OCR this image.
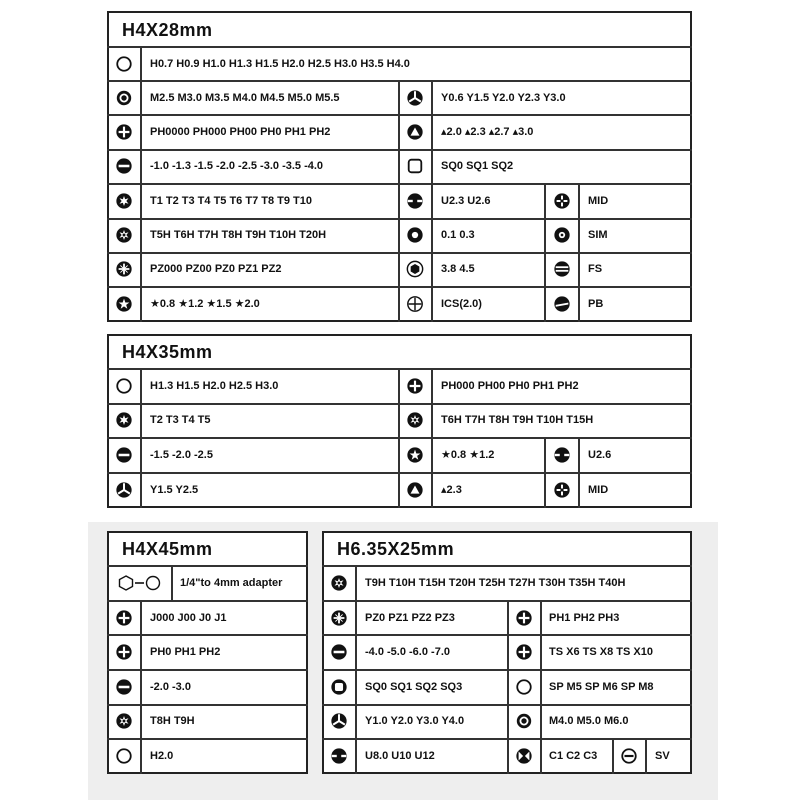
H4X28mm
H0.7 H0.9 H1.0 H1.3 H1.5 H2.0 H2.5 H3.0 H3.5 H4.0
M2.5 M3.0 M3.5 M4.0 M4.5 M5.0 M5.5	Y0.6 Y1.5 Y2.0 Y2.3 Y3.0
PH0000 PH000 PH00 PH0 PH1 PH2	▴2.0 ▴2.3 ▴2.7 ▴3.0
-1.0 -1.3 -1.5 -2.0 -2.5 -3.0 -3.5 -4.0	SQ0 SQ1 SQ2
T1 T2 T3 T4 T5 T6 T7 T8 T9 T10	U2.3 U2.6	MID
T5H T6H T7H T8H T9H T10H T20H	0.1 0.3	SIM
PZ000 PZ00 PZ0 PZ1 PZ2	3.8 4.5	FS
★0.8 ★1.2 ★1.5 ★2.0	ICS(2.0)	PB
H4X35mm
H1.3 H1.5 H2.0 H2.5 H3.0	PH000 PH00 PH0 PH1 PH2
T2 T3 T4 T5	T6H T7H T8H T9H T10H T15H
-1.5 -2.0 -2.5	★0.8 ★1.2	U2.6
Y1.5 Y2.5	▴2.3	MID
H4X45mm
1/4"to 4mm adapter
J000 J00 J0 J1
PH0 PH1 PH2
-2.0 -3.0
T8H T9H
H2.0
H6.35X25mm
T9H T10H T15H T20H T25H T27H T30H T35H T40H
PZ0 PZ1 PZ2 PZ3	PH1 PH2 PH3
-4.0 -5.0 -6.0 -7.0	TS X6 TS X8 TS X10
SQ0 SQ1 SQ2 SQ3	SP M5 SP M6 SP M8
Y1.0 Y2.0 Y3.0 Y4.0	M4.0 M5.0 M6.0
U8.0 U10 U12	C1 C2 C3	SV
